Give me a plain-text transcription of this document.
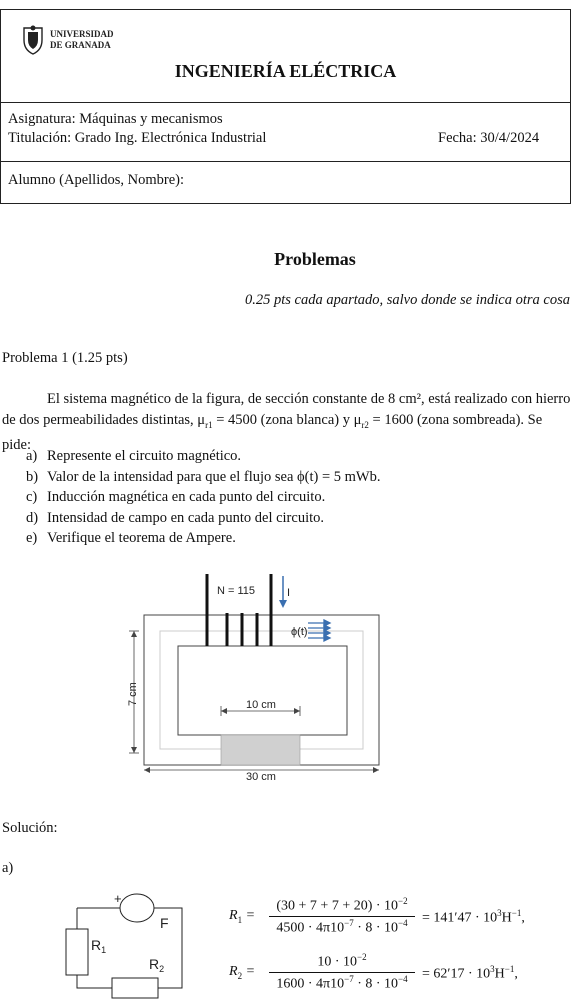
UNIVERSIDAD
DE GRANADA
INGENIERÍA ELÉCTRICA
Asignatura: Máquinas y mecanismos
Titulación: Grado Ing. Electrónica Industrial	Fecha: 30/4/2024
Alumno (Apellidos, Nombre):
Problemas
0.25 pts cada apartado, salvo donde se indica otra cosa
Problema 1 (1.25 pts)
El sistema magnético de la figura, de sección constante de 8 cm², está realizado con hierro de dos permeabilidades distintas, $\mu_{r1} = 4500$ (zona blanca) y $\mu_{r2} = 1600$ (zona sombreada). Se pide:
a) Represente el circuito magnético.
b) Valor de la intensidad para que el flujo sea ϕ(t) = 5 mWb.
c) Inducción magnética en cada punto del circuito.
d) Intensidad de campo en cada punto del circuito.
e) Verifique el teorema de Ampere.
N = 115	I
ϕ(t)
7 cm	10 cm
30 cm
Solución:
a)
+
F
$R_1$
$R_2$
$R_1$ =
$(30 + 7 + 7 + 20) \cdot 10^{-2}$
$4500 \cdot 4\pi 10^{-7} \cdot 8 \cdot 10^{-4}$	= $141'47 \cdot 10^3H^{-1}$,
$R_2$ =
$10 \cdot 10^{-2}$
$1600 \cdot 4\pi 10^{-7} \cdot 8 \cdot 10^{-4}$	= $62'17 \cdot 10^3H^{-1}$,
